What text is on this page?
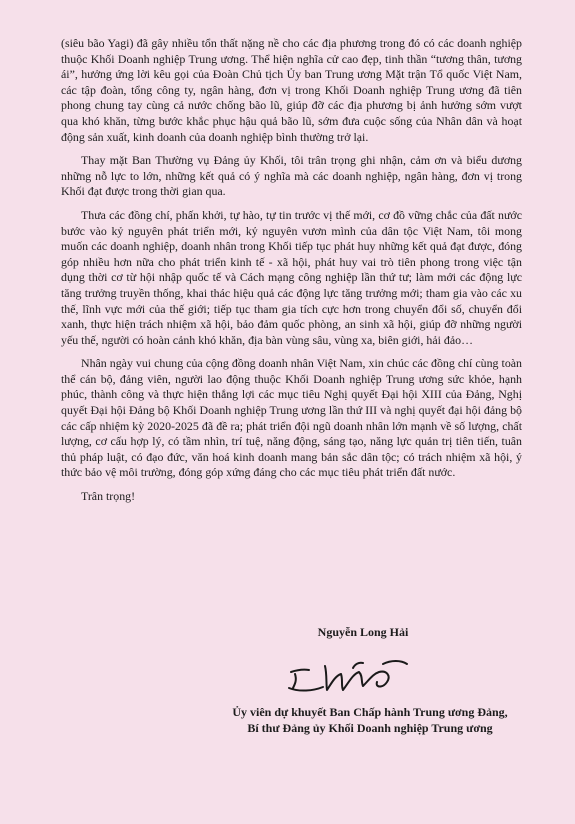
(siêu bão Yagi) đã gây nhiều tổn thất nặng nề cho các địa phương trong đó có các doanh nghiệp thuộc Khối Doanh nghiệp Trung ương. Thể hiện nghĩa cử cao đẹp, tinh thần “tương thân, tương ái”, hưởng ứng lời kêu gọi của Đoàn Chủ tịch Ủy ban Trung ương Mặt trận Tổ quốc Việt Nam, các tập đoàn, tổng công ty, ngân hàng, đơn vị trong Khối Doanh nghiệp Trung ương đã tiên phong chung tay cùng cả nước chống bão lũ, giúp đỡ các địa phương bị ảnh hưởng sớm vượt qua khó khăn, từng bước khắc phục hậu quả bão lũ, sớm đưa cuộc sống của Nhân dân và hoạt động sản xuất, kinh doanh của doanh nghiệp bình thường trở lại.

Thay mặt Ban Thường vụ Đảng ủy Khối, tôi trân trọng ghi nhận, cảm ơn và biểu dương những nỗ lực to lớn, những kết quả có ý nghĩa mà các doanh nghiệp, ngân hàng, đơn vị trong Khối đạt được trong thời gian qua.

Thưa các đồng chí, phấn khởi, tự hào, tự tin trước vị thế mới, cơ đồ vững chắc của đất nước bước vào kỷ nguyên phát triển mới, kỷ nguyên vươn mình của dân tộc Việt Nam, tôi mong muốn các doanh nghiệp, doanh nhân trong Khối tiếp tục phát huy những kết quả đạt được, đóng góp nhiều hơn nữa cho phát triển kinh tế - xã hội, phát huy vai trò tiên phong trong việc tận dụng thời cơ từ hội nhập quốc tế và Cách mạng công nghiệp lần thứ tư; làm mới các động lực tăng trưởng truyền thống, khai thác hiệu quả các động lực tăng trưởng mới; tham gia vào các xu thế, lĩnh vực mới của thế giới; tiếp tục tham gia tích cực hơn trong chuyển đổi số, chuyển đổi xanh, thực hiện trách nhiệm xã hội, bảo đảm quốc phòng, an sinh xã hội, giúp đỡ những người yếu thế, người có hoàn cảnh khó khăn, địa bàn vùng sâu, vùng xa, biên giới, hải đảo…

Nhân ngày vui chung của cộng đồng doanh nhân Việt Nam, xin chúc các đồng chí cùng toàn thể cán bộ, đảng viên, người lao động thuộc Khối Doanh nghiệp Trung ương sức khỏe, hạnh phúc, thành công và thực hiện thắng lợi các mục tiêu Nghị quyết Đại hội XIII của Đảng, Nghị quyết Đại hội Đảng bộ Khối Doanh nghiệp Trung ương lần thứ III và nghị quyết đại hội đảng bộ các cấp nhiệm kỳ 2020-2025 đã đề ra; phát triển đội ngũ doanh nhân lớn mạnh về số lượng, chất lượng, cơ cấu hợp lý, có tầm nhìn, trí tuệ, năng động, sáng tạo, năng lực quản trị tiên tiến, tuân thủ pháp luật, có đạo đức, văn hoá kinh doanh mang bản sắc dân tộc; có trách nhiệm xã hội, ý thức bảo vệ môi trường, đóng góp xứng đáng cho các mục tiêu phát triển đất nước.

Trân trọng!

Nguyễn Long Hải
Ủy viên dự khuyết Ban Chấp hành Trung ương Đảng,
Bí thư Đảng ủy Khối Doanh nghiệp Trung ương
